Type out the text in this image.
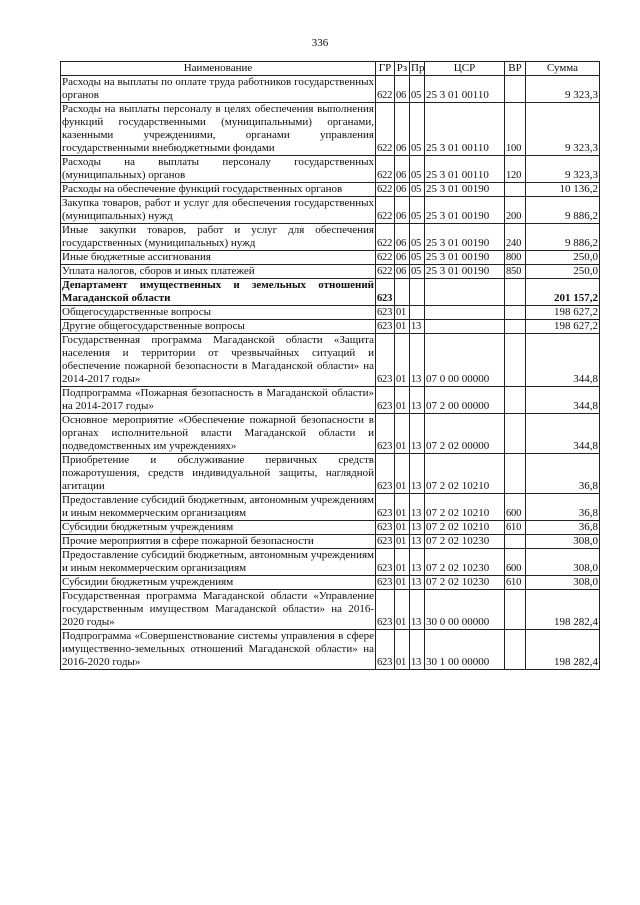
336
Наименование	ГР	Рз	Пр	ЦСР	ВР	Сумма
Расходы на выплаты по оплате труда работников государственных органов	622	06	05	25 3 01 00110		9 323,3
Расходы на выплаты персоналу в целях обеспечения выполнения функций государственными (муниципальными) органами, казенными учреждениями, органами управления государственными внебюджетными фондами	622	06	05	25 3 01 00110	100	9 323,3
Расходы на выплаты персоналу государственных (муниципальных) органов	622	06	05	25 3 01 00110	120	9 323,3
Расходы на обеспечение функций государственных органов	622	06	05	25 3 01 00190		10 136,2
Закупка товаров, работ и услуг для обеспечения государственных (муниципальных) нужд	622	06	05	25 3 01 00190	200	9 886,2
Иные закупки товаров, работ и услуг для обеспечения государственных (муниципальных) нужд	622	06	05	25 3 01 00190	240	9 886,2
Иные бюджетные ассигнования	622	06	05	25 3 01 00190	800	250,0
Уплата налогов, сборов и иных платежей	622	06	05	25 3 01 00190	850	250,0
Департамент имущественных и земельных отношений Магаданской области	623					201 157,2
Общегосударственные вопросы	623	01				198 627,2
Другие общегосударственные вопросы	623	01	13			198 627,2
Государственная программа Магаданской области «Защита населения и территории от чрезвычайных ситуаций и обеспечение пожарной безопасности в Магаданской области» на 2014-2017 годы»	623	01	13	07 0 00 00000		344,8
Подпрограмма «Пожарная безопасность в Магаданской области» на 2014-2017 годы»	623	01	13	07 2 00 00000		344,8
Основное мероприятие «Обеспечение пожарной безопасности в органах исполнительной власти Магаданской области и подведомственных им учреждениях»	623	01	13	07 2 02 00000		344,8
Приобретение и обслуживание первичных средств пожаротушения, средств индивидуальной защиты, наглядной агитации	623	01	13	07 2 02 10210		36,8
Предоставление субсидий бюджетным, автономным учреждениям и иным некоммерческим организациям	623	01	13	07 2 02 10210	600	36,8
Субсидии бюджетным учреждениям	623	01	13	07 2 02 10210	610	36,8
Прочие мероприятия в сфере пожарной безопасности	623	01	13	07 2 02 10230		308,0
Предоставление субсидий бюджетным, автономным учреждениям и иным некоммерческим организациям	623	01	13	07 2 02 10230	600	308,0
Субсидии бюджетным учреждениям	623	01	13	07 2 02 10230	610	308,0
Государственная программа Магаданской области «Управление государственным имуществом Магаданской области» на 2016-2020 годы»	623	01	13	30 0 00 00000		198 282,4
Подпрограмма «Совершенствование системы управления в сфере имущественно-земельных отношений Магаданской области» на 2016-2020 годы»	623	01	13	30 1 00 00000		198 282,4
